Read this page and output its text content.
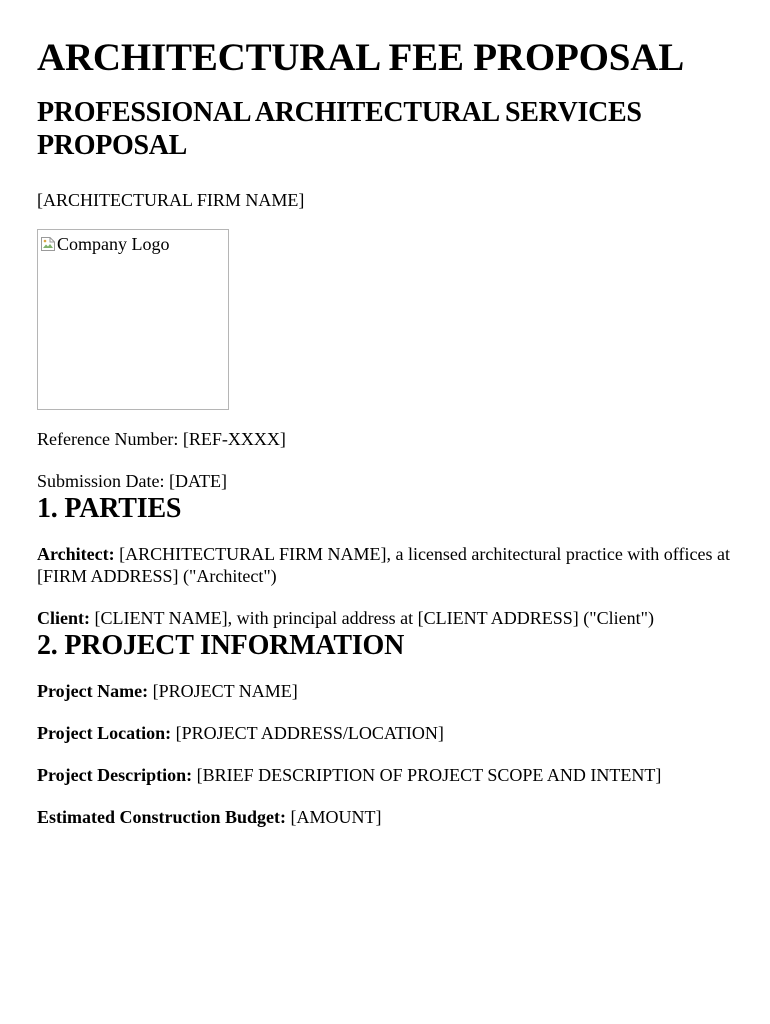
ARCHITECTURAL FEE PROPOSAL
PROFESSIONAL ARCHITECTURAL SERVICES PROPOSAL

[ARCHITECTURAL FIRM NAME]

Company Logo

Reference Number: [REF-XXXX]

Submission Date: [DATE]

1. PARTIES

Architect: [ARCHITECTURAL FIRM NAME], a licensed architectural practice with offices at [FIRM ADDRESS] ("Architect")

Client: [CLIENT NAME], with principal address at [CLIENT ADDRESS] ("Client")

2. PROJECT INFORMATION

Project Name: [PROJECT NAME]

Project Location: [PROJECT ADDRESS/LOCATION]

Project Description: [BRIEF DESCRIPTION OF PROJECT SCOPE AND INTENT]

Estimated Construction Budget: [AMOUNT]
